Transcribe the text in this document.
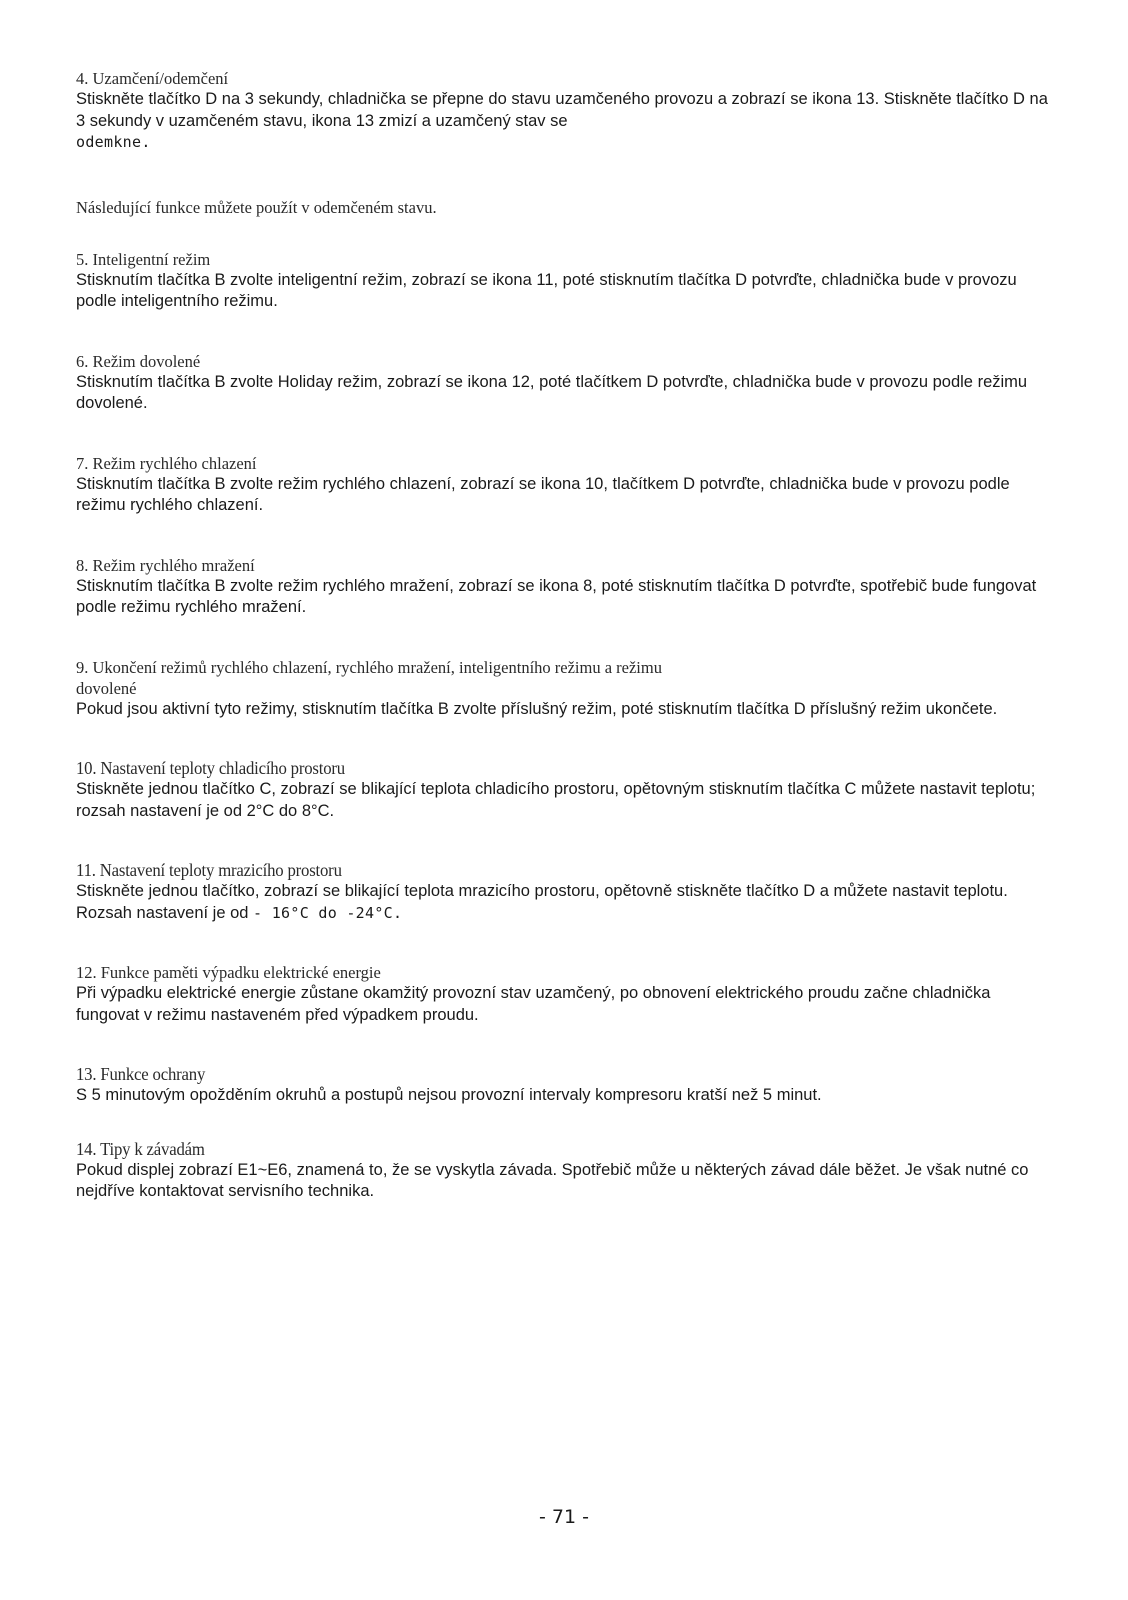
4. Uzamčení/odemčení

Stiskněte tlačítko D na 3 sekundy, chladnička se přepne do stavu uzamčeného provozu a zobrazí se ikona 13. Stiskněte tlačítko D na 3 sekundy v uzamčeném stavu, ikona 13 zmizí a uzamčený stav se
odemkne.

Následující funkce můžete použít v odemčeném stavu.

5. Inteligentní režim

Stisknutím tlačítka B zvolte inteligentní režim, zobrazí se ikona 11, poté stisknutím tlačítka D potvrďte, chladnička bude v provozu podle inteligentního režimu.

6. Režim dovolené

Stisknutím tlačítka B zvolte Holiday režim, zobrazí se ikona 12, poté tlačítkem D potvrďte, chladnička bude v provozu podle režimu dovolené.

7. Režim rychlého chlazení

Stisknutím tlačítka B zvolte režim rychlého chlazení, zobrazí se ikona 10, tlačítkem D potvrďte, chladnička bude v provozu podle režimu rychlého chlazení.

8. Režim rychlého mražení

Stisknutím tlačítka B zvolte režim rychlého mražení, zobrazí se ikona 8, poté stisknutím tlačítka D potvrďte, spotřebič bude fungovat podle režimu rychlého mražení.

9. Ukončení režimů rychlého chlazení, rychlého mražení, inteligentního režimu a režimu

dovolené

Pokud jsou aktivní tyto režimy, stisknutím tlačítka B zvolte příslušný režim, poté stisknutím tlačítka D příslušný režim ukončete.

10. Nastavení teploty chladicího prostoru

Stiskněte jednou tlačítko C, zobrazí se blikající teplota chladicího prostoru, opětovným stisknutím tlačítka C můžete nastavit teplotu; rozsah nastavení je od 2°C do 8°C.

11. Nastavení teploty mrazicího prostoru

Stiskněte jednou tlačítko, zobrazí se blikající teplota mrazicího prostoru, opětovně stiskněte tlačítko D a můžete nastavit teplotu. Rozsah nastavení je od - 16°C do -24°C.

12. Funkce paměti výpadku elektrické energie

Při výpadku elektrické energie zůstane okamžitý provozní stav uzamčený, po obnovení elektrického proudu začne chladnička fungovat v režimu nastaveném před výpadkem proudu.

13. Funkce ochrany

S 5 minutovým opožděním okruhů a postupů nejsou provozní intervaly kompresoru kratší než 5 minut.

14. Tipy k závadám

Pokud displej zobrazí E1~E6, znamená to, že se vyskytla závada. Spotřebič může u některých závad dále běžet. Je však nutné co nejdříve kontaktovat servisního technika.

- 71 -
